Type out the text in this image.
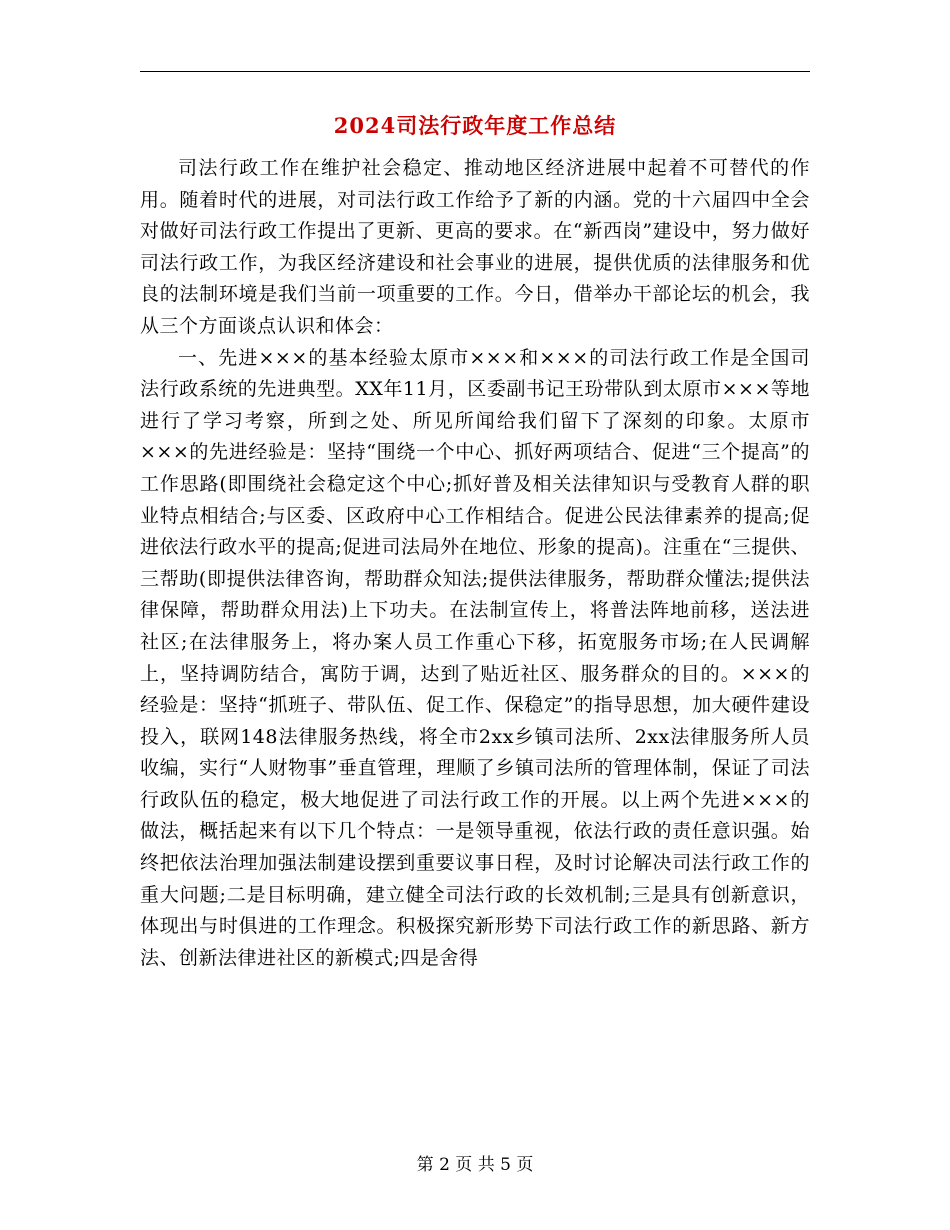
2024司法行政年度工作总结

司法行政工作在维护社会稳定、推动地区经济进展中起着不可替代的作用。随着时代的进展，对司法行政工作给予了新的内涵。党的十六届四中全会对做好司法行政工作提出了更新、更高的要求。在“新西岗”建设中，努力做好司法行政工作，为我区经济建设和社会事业的进展，提供优质的法律服务和优良的法制环境是我们当前一项重要的工作。今日，借举办干部论坛的机会，我从三个方面谈点认识和体会：

一、先进×××的基本经验太原市×××和×××的司法行政工作是全国司法行政系统的先进典型。XX年11月，区委副书记王玢带队到太原市×××等地进行了学习考察，所到之处、所见所闻给我们留下了深刻的印象。太原市×××的先进经验是：坚持“围绕一个中心、抓好两项结合、促进“三个提高”的工作思路(即围绕社会稳定这个中心;抓好普及相关法律知识与受教育人群的职业特点相结合;与区委、区政府中心工作相结合。促进公民法律素养的提高;促进依法行政水平的提高;促进司法局外在地位、形象的提高)。注重在“三提供、三帮助(即提供法律咨询，帮助群众知法;提供法律服务，帮助群众懂法;提供法律保障，帮助群众用法)上下功夫。在法制宣传上，将普法阵地前移，送法进社区;在法律服务上，将办案人员工作重心下移，拓宽服务市场;在人民调解上，坚持调防结合，寓防于调，达到了贴近社区、服务群众的目的。×××的经验是：坚持“抓班子、带队伍、促工作、保稳定”的指导思想，加大硬件建设投入，联网148法律服务热线，将全市2xx乡镇司法所、2xx法律服务所人员收编，实行“人财物事”垂直管理，理顺了乡镇司法所的管理体制，保证了司法行政队伍的稳定，极大地促进了司法行政工作的开展。以上两个先进×××的做法，概括起来有以下几个特点：一是领导重视，依法行政的责任意识强。始终把依法治理加强法制建设摆到重要议事日程，及时讨论解决司法行政工作的重大问题;二是目标明确，建立健全司法行政的长效机制;三是具有创新意识，体现出与时俱进的工作理念。积极探究新形势下司法行政工作的新思路、新方法、创新法律进社区的新模式;四是舍得

第 2 页 共 5 页
